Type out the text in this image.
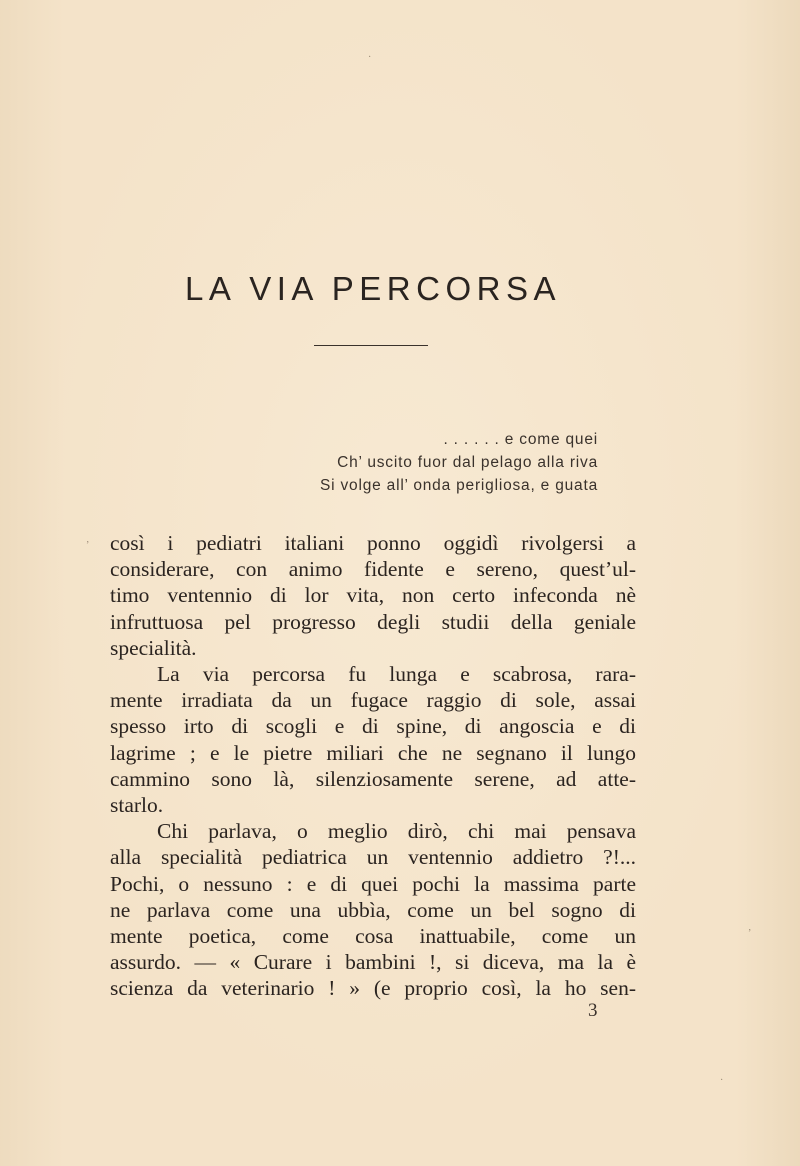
LA VIA PERCORSA
. . . . . . e come quei
Ch’ uscito fuor dal pelago alla riva
Si volge all’ onda perigliosa, e guata
così i pediatri italiani ponno oggidì rivolgersi a
considerare, con animo fidente e sereno, quest’ul-
timo ventennio di lor vita, non certo infeconda nè
infruttuosa pel progresso degli studii della geniale
specialità.
La via percorsa fu lunga e scabrosa, rara-
mente irradiata da un fugace raggio di sole, assai
spesso irto di scogli e di spine, di angoscia e di
lagrime ; e le pietre miliari che ne segnano il lungo
cammino sono là, silenziosamente serene, ad atte-
starlo.
Chi parlava, o meglio dirò, chi mai pensava
alla specialità pediatrica un ventennio addietro ?!...
Pochi, o nessuno : e di quei pochi la massima parte
ne parlava come una ubbìa, come un bel sogno di
mente poetica, come cosa inattuabile, come un
assurdo. — « Curare i bambini !, si diceva, ma la è
scienza da veterinario ! » (e proprio così, la ho sen-
3
·
ʼ
ʼ
·
